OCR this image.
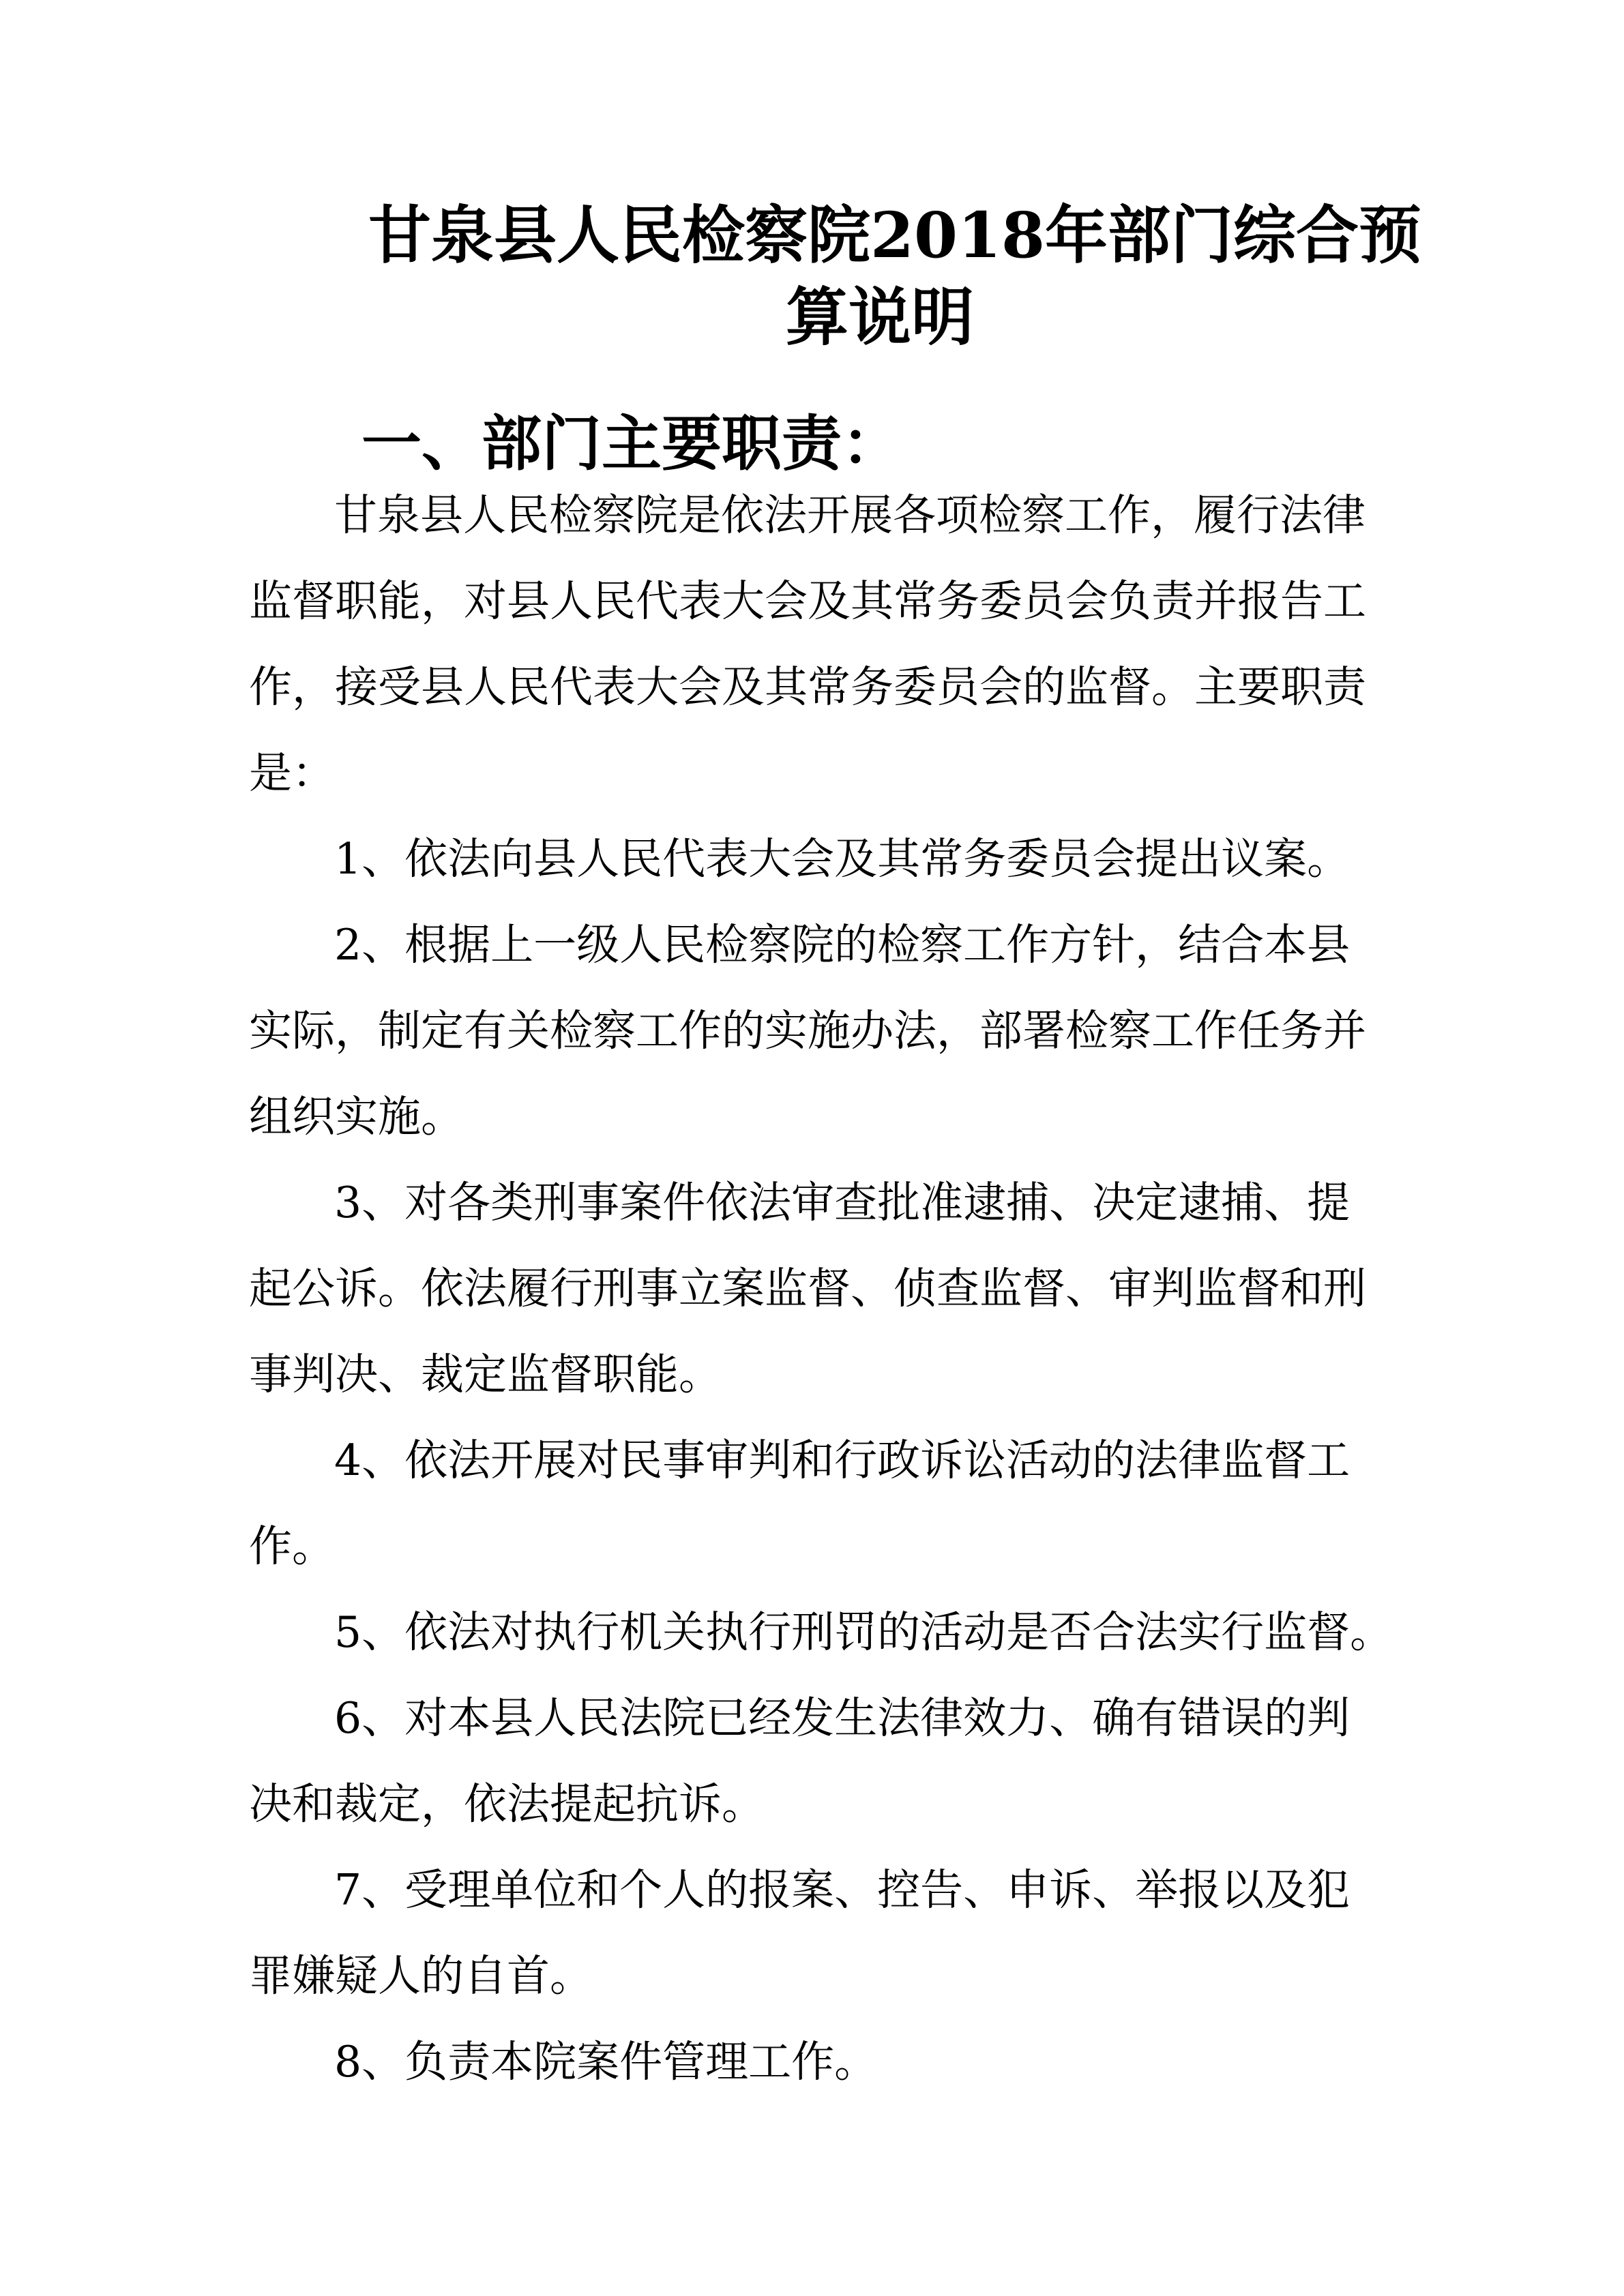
甘泉县人民检察院2018年部门综合预
算说明
一、部门主要职责：

甘泉县人民检察院是依法开展各项检察工作，履行法律

监督职能，对县人民代表大会及其常务委员会负责并报告工

作，接受县人民代表大会及其常务委员会的监督。主要职责

是：

1、依法向县人民代表大会及其常务委员会提出议案。

2、根据上一级人民检察院的检察工作方针，结合本县

实际，制定有关检察工作的实施办法，部署检察工作任务并

组织实施。

3、对各类刑事案件依法审查批准逮捕、决定逮捕、提

起公诉。依法履行刑事立案监督、侦查监督、审判监督和刑

事判决、裁定监督职能。

4、依法开展对民事审判和行政诉讼活动的法律监督工

作。

5、依法对执行机关执行刑罚的活动是否合法实行监督。

6、对本县人民法院已经发生法律效力、确有错误的判

决和裁定，依法提起抗诉。

7、受理单位和个人的报案、控告、申诉、举报以及犯

罪嫌疑人的自首。

8、负责本院案件管理工作。
